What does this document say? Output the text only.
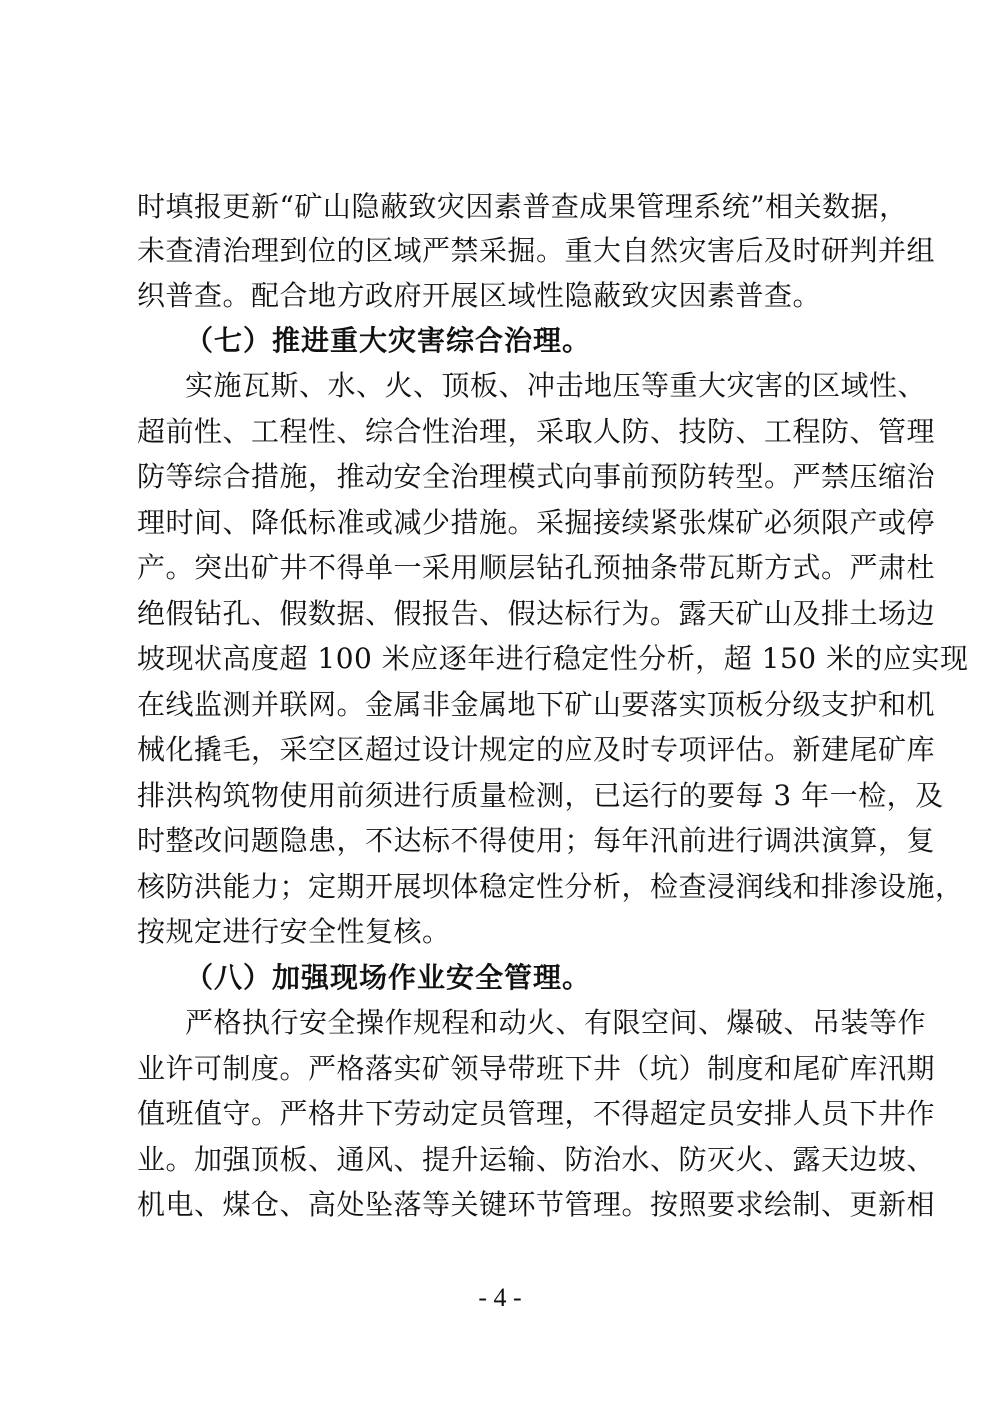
时填报更新“矿山隐蔽致灾因素普查成果管理系统”相关数据，
未查清治理到位的区域严禁采掘。重大自然灾害后及时研判并组
织普查。配合地方政府开展区域性隐蔽致灾因素普查。
（七）推进重大灾害综合治理。
实施瓦斯、水、火、顶板、冲击地压等重大灾害的区域性、
超前性、工程性、综合性治理，采取人防、技防、工程防、管理
防等综合措施，推动安全治理模式向事前预防转型。严禁压缩治
理时间、降低标准或减少措施。采掘接续紧张煤矿必须限产或停
产。突出矿井不得单一采用顺层钻孔预抽条带瓦斯方式。严肃杜
绝假钻孔、假数据、假报告、假达标行为。露天矿山及排土场边
坡现状高度超 100 米应逐年进行稳定性分析，超 150 米的应实现
在线监测并联网。金属非金属地下矿山要落实顶板分级支护和机
械化撬毛，采空区超过设计规定的应及时专项评估。新建尾矿库
排洪构筑物使用前须进行质量检测，已运行的要每 3 年一检，及
时整改问题隐患，不达标不得使用；每年汛前进行调洪演算，复
核防洪能力；定期开展坝体稳定性分析，检查浸润线和排渗设施，
按规定进行安全性复核。
（八）加强现场作业安全管理。
严格执行安全操作规程和动火、有限空间、爆破、吊装等作
业许可制度。严格落实矿领导带班下井（坑）制度和尾矿库汛期
值班值守。严格井下劳动定员管理，不得超定员安排人员下井作
业。加强顶板、通风、提升运输、防治水、防灭火、露天边坡、
机电、煤仓、高处坠落等关键环节管理。按照要求绘制、更新相
- 4 -
